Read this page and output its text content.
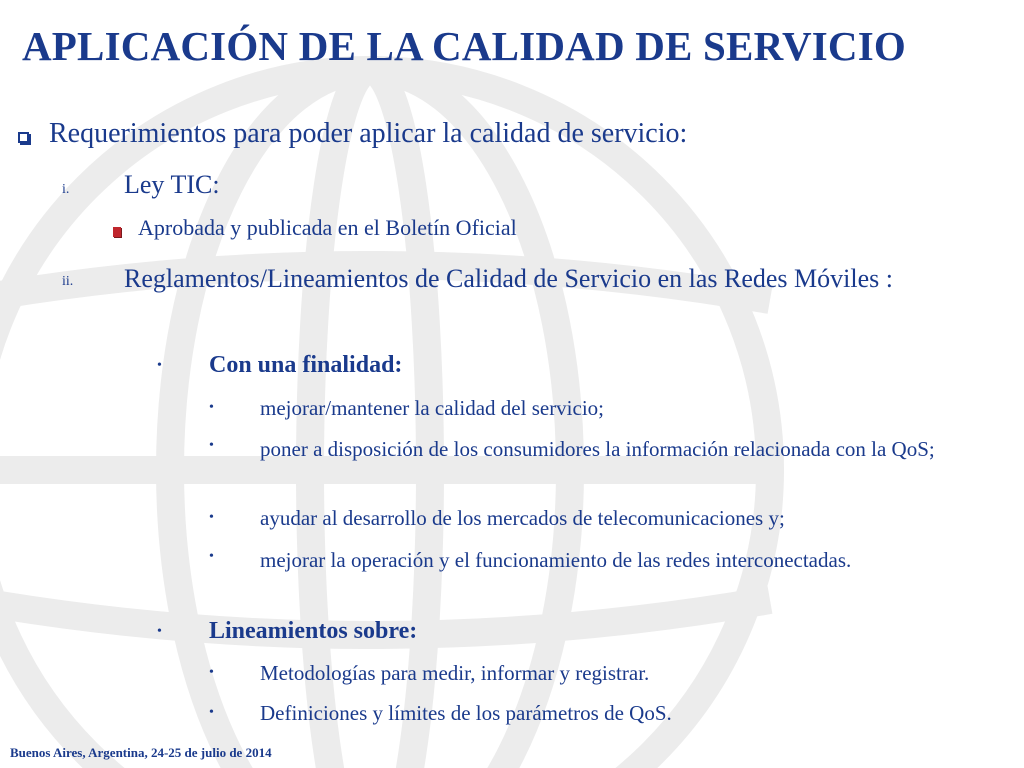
APLICACIÓN DE LA CALIDAD DE SERVICIO
Requerimientos para poder aplicar la calidad de servicio:
i. Ley TIC:
Aprobada y publicada en el Boletín Oficial
ii. Reglamentos/Lineamientos de Calidad de Servicio en las Redes Móviles :
• Con una finalidad:
• mejorar/mantener la calidad del servicio;
• poner a disposición de los consumidores la información relacionada con la QoS;
• ayudar al desarrollo de los mercados de telecomunicaciones y;
• mejorar la operación y el funcionamiento de las redes interconectadas.
• Lineamientos sobre:
• Metodologías para medir, informar y registrar.
• Definiciones y límites de los parámetros de QoS.
Buenos Aires, Argentina, 24-25 de julio de 2014
